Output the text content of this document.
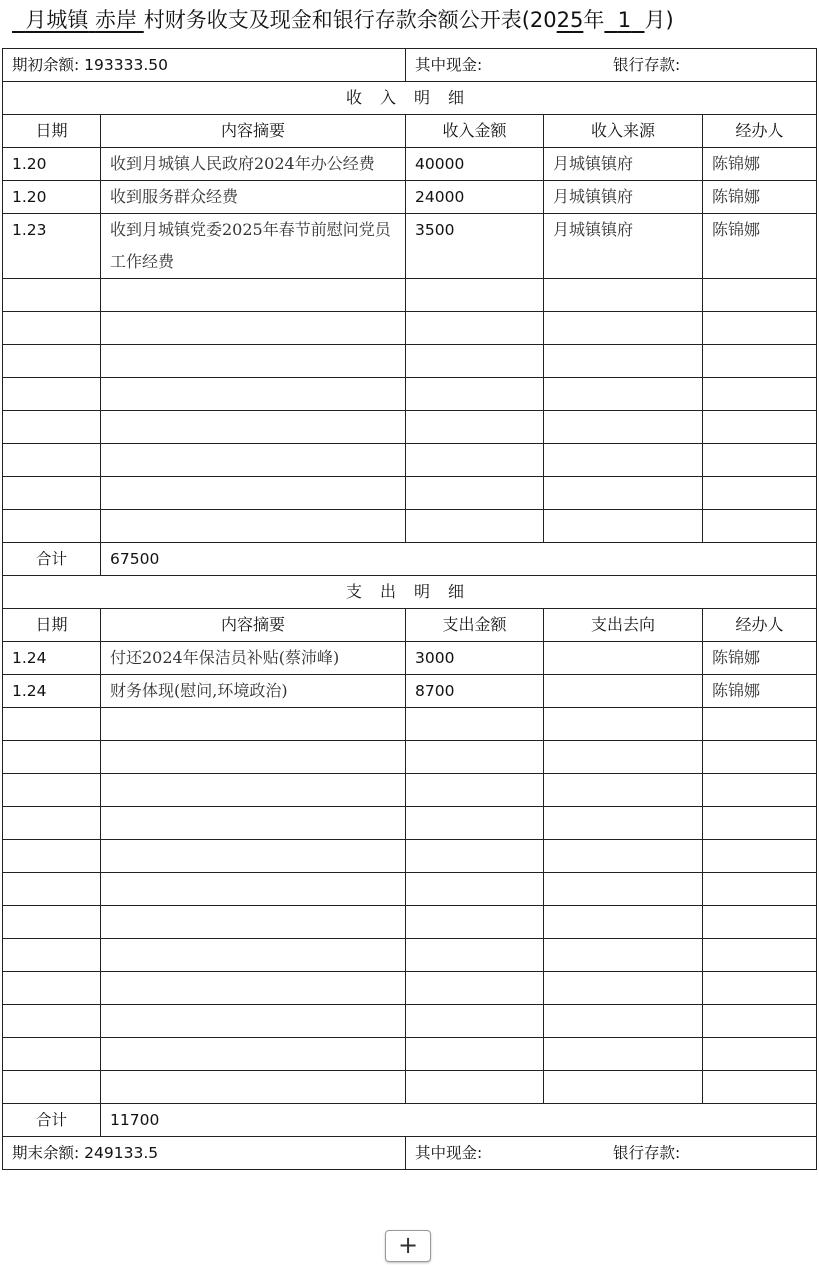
月城镇 赤岸 村财务收支及现金和银行存款余额公开表(2025年 1 月)
期初余额: 193333.50		其中现金: 银行存款:		
收入明细				
日期	内容摘要	收入金额	收入来源	经办人
1.20	收到月城镇人民政府2024年办公经费	40000	月城镇镇府	陈锦娜
1.20	收到服务群众经费	24000	月城镇镇府	陈锦娜
1.23	收到月城镇党委2025年春节前慰问党员工作经费	3500	月城镇镇府	陈锦娜

合计	67500			
支出明细				
日期	内容摘要	支出金额	支出去向	经办人
1.24	付还2024年保洁员补贴(蔡沛峰)	3000		陈锦娜
1.24	财务体现(慰问,环境政治)	8700		陈锦娜

合计	11700			
期末余额: 249133.5		其中现金: 银行存款:		
+
